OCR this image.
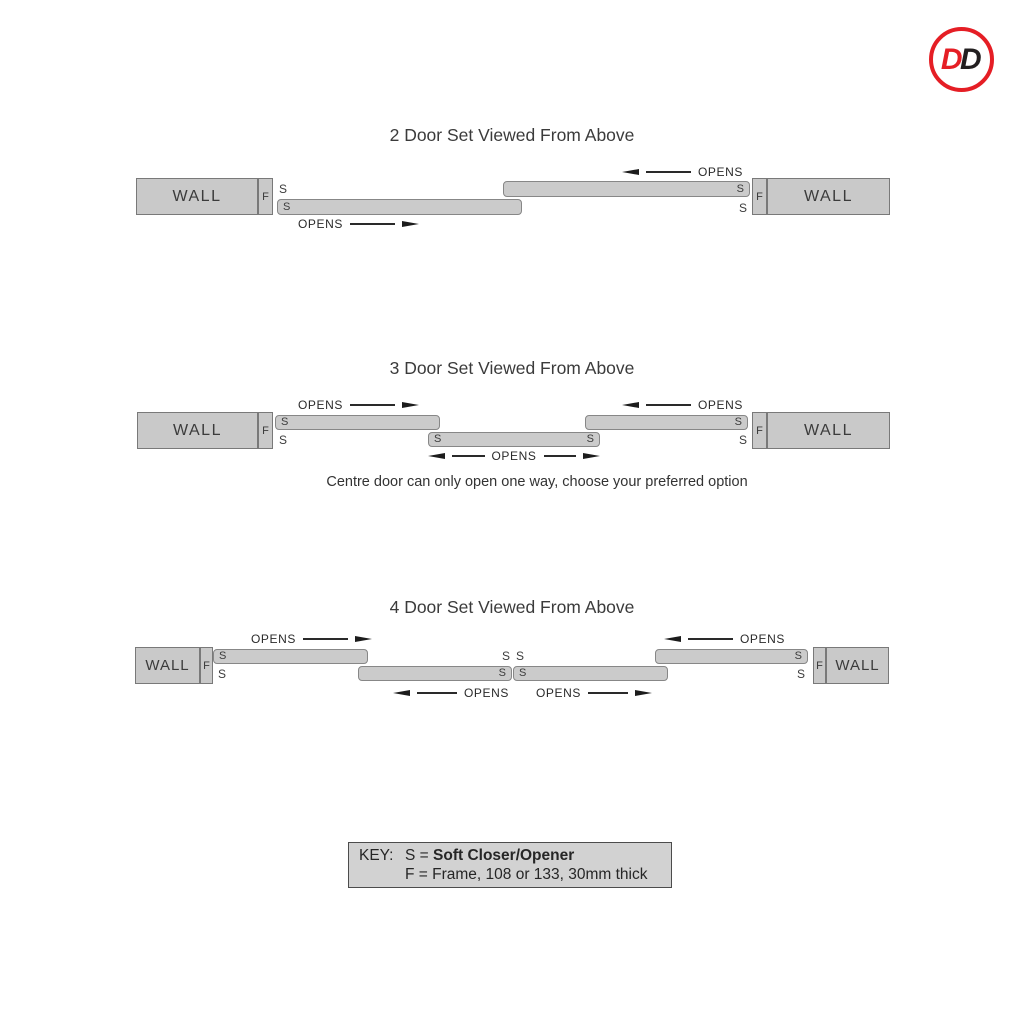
DD
2 Door Set Viewed From Above
WALL	F
S
OPENS
S
S	S
F	WALL
OPENS
3 Door Set Viewed From Above
OPENS	OPENS
WALL	F
S
S	S	S
S
S
F	WALL
OPENS
Centre door can only open one way, choose your preferred option
4 Door Set Viewed From Above
OPENS	OPENS
WALL	F
S
S
S S
S S
S
S
F WALL
OPENS OPENS
KEY: S = Soft Closer/Opener
F = Frame, 108 or 133, 30mm thick
